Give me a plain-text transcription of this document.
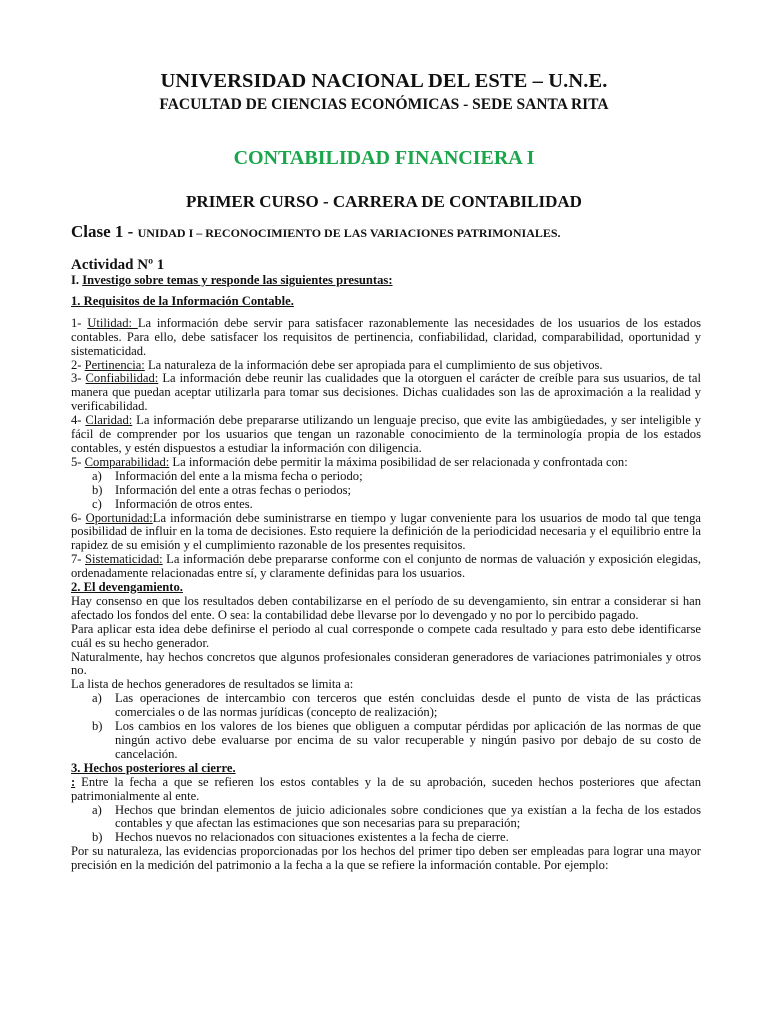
UNIVERSIDAD NACIONAL DEL ESTE – U.N.E.
FACULTAD DE CIENCIAS ECONÓMICAS - SEDE SANTA RITA
CONTABILIDAD FINANCIERA I
PRIMER CURSO - CARRERA DE CONTABILIDAD
Clase 1 - UNIDAD I – RECONOCIMIENTO DE LAS VARIACIONES PATRIMONIALES.
Actividad Nº 1

I. Investigo sobre temas y responde las siguientes presuntas:

1. Requisitos de la Información Contable.

1- Utilidad: La información debe servir para satisfacer razonablemente las necesidades de los usuarios de los estados contables. Para ello, debe satisfacer los requisitos de pertinencia, confiabilidad, claridad, comparabilidad, oportunidad y sistematicidad.

2- Pertinencia: La naturaleza de la información debe ser apropiada para el cumplimiento de sus objetivos.

3- Confiabilidad: La información debe reunir las cualidades que la otorguen el carácter de creíble para sus usuarios, de tal manera que puedan aceptar utilizarla para tomar sus decisiones. Dichas cualidades son las de aproximación a la realidad y verificabilidad.

4- Claridad: La información debe prepararse utilizando un lenguaje preciso, que evite las ambigüedades, y ser inteligible y fácil de comprender por los usuarios que tengan un razonable conocimiento de la terminología propia de los estados contables, y estén dispuestos a estudiar la información con diligencia.

5- Comparabilidad: La información debe permitir la máxima posibilidad de ser relacionada y confrontada con:

a) Información del ente a la misma fecha o periodo;
b) Información del ente a otras fechas o periodos;
c) Información de otros entes.

6- Oportunidad:La información debe suministrarse en tiempo y lugar conveniente para los usuarios de modo tal que tenga posibilidad de influir en la toma de decisiones. Esto requiere la definición de la periodicidad necesaria y el equilibrio entre la rapidez de su emisión y el cumplimiento razonable de los presentes requisitos.

7- Sistematicidad: La información debe prepararse conforme con el conjunto de normas de valuación y exposición elegidas, ordenadamente relacionadas entre sí, y claramente definidas para los usuarios.

2. El devengamiento.

Hay consenso en que los resultados deben contabilizarse en el período de su devengamiento, sin entrar a considerar si han afectado los fondos del ente. O sea: la contabilidad debe llevarse por lo devengado y no por lo percibido pagado.

Para aplicar esta idea debe definirse el periodo al cual corresponde o compete cada resultado y para esto debe identificarse cuál es su hecho generador.

Naturalmente, hay hechos concretos que algunos profesionales consideran generadores de variaciones patrimoniales y otros no.

La lista de hechos generadores de resultados se limita a:

a) Las operaciones de intercambio con terceros que estén concluidas desde el punto de vista de las prácticas comerciales o de las normas jurídicas (concepto de realización);
b) Los cambios en los valores de los bienes que obliguen a computar pérdidas por aplicación de las normas de que ningún activo debe evaluarse por encima de su valor recuperable y ningún pasivo por debajo de su costo de cancelación.

3. Hechos posteriores al cierre.

: Entre la fecha a que se refieren los estos contables y la de su aprobación, suceden hechos posteriores que afectan patrimonialmente al ente.

a) Hechos que brindan elementos de juicio adicionales sobre condiciones que ya existían a la fecha de los estados contables y que afectan las estimaciones que son necesarias para su preparación;
b) Hechos nuevos no relacionados con situaciones existentes a la fecha de cierre.

Por su naturaleza, las evidencias proporcionadas por los hechos del primer tipo deben ser empleadas para lograr una mayor precisión en la medición del patrimonio a la fecha a la que se refiere la información contable. Por ejemplo:
